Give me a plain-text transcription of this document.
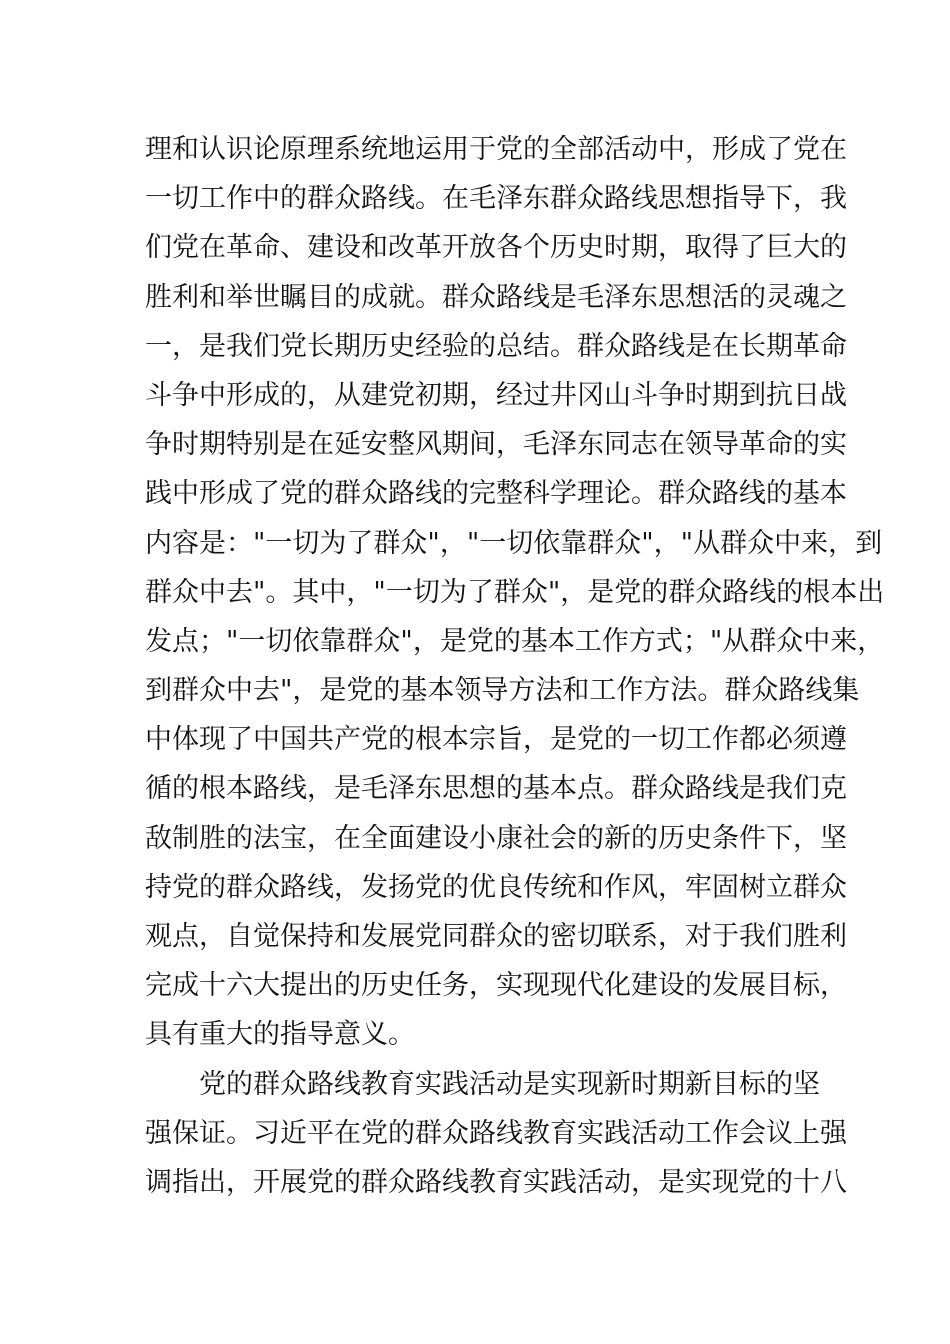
理和认识论原理系统地运用于党的全部活动中，形成了党在
一切工作中的群众路线。在毛泽东群众路线思想指导下，我
们党在革命、建设和改革开放各个历史时期，取得了巨大的
胜利和举世瞩目的成就。群众路线是毛泽东思想活的灵魂之
一，是我们党长期历史经验的总结。群众路线是在长期革命
斗争中形成的，从建党初期，经过井冈山斗争时期到抗日战
争时期特别是在延安整风期间，毛泽东同志在领导革命的实
践中形成了党的群众路线的完整科学理论。群众路线的基本
内容是："一切为了群众"，"一切依靠群众"，"从群众中来，到
群众中去"。其中，"一切为了群众"，是党的群众路线的根本出
发点；"一切依靠群众"，是党的基本工作方式；"从群众中来，
到群众中去"，是党的基本领导方法和工作方法。群众路线集
中体现了中国共产党的根本宗旨，是党的一切工作都必须遵
循的根本路线，是毛泽东思想的基本点。群众路线是我们克
敌制胜的法宝，在全面建设小康社会的新的历史条件下，坚
持党的群众路线，发扬党的优良传统和作风，牢固树立群众
观点，自觉保持和发展党同群众的密切联系，对于我们胜利
完成十六大提出的历史任务，实现现代化建设的发展目标，
具有重大的指导意义。
党的群众路线教育实践活动是实现新时期新目标的坚
强保证。习近平在党的群众路线教育实践活动工作会议上强
调指出，开展党的群众路线教育实践活动，是实现党的十八
